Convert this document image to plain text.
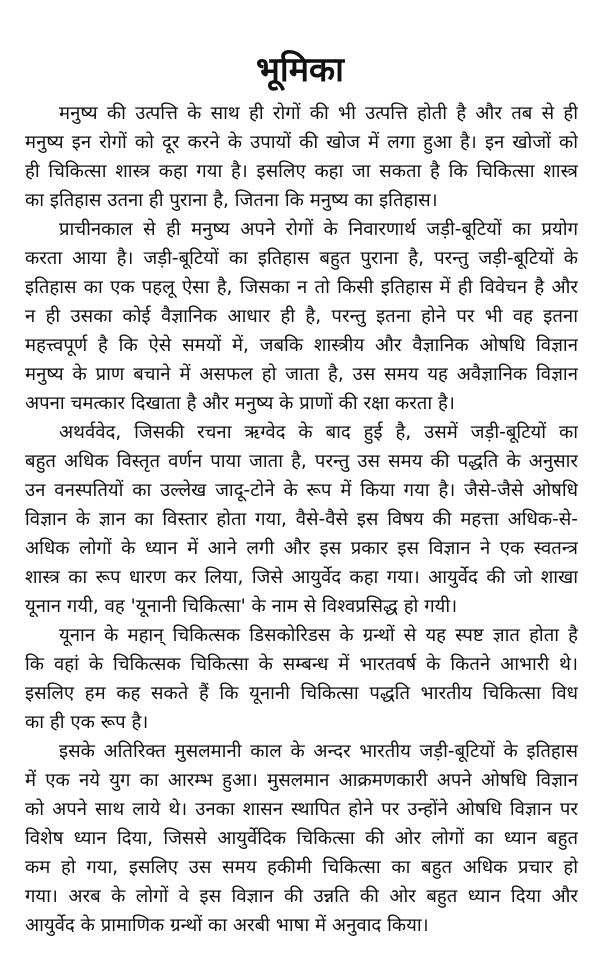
भूमिका
मनुष्य की उत्पत्ति के साथ ही रोगों की भी उत्पत्ति होती है और तब से ही
मनुष्य इन रोगों को दूर करने के उपायों की खोज में लगा हुआ है। इन खोजों को
ही चिकित्सा शास्त्र कहा गया है। इसलिए कहा जा सकता है कि चिकित्सा शास्त्र
का इतिहास उतना ही पुराना है, जितना कि मनुष्य का इतिहास।
प्राचीनकाल से ही मनुष्य अपने रोगों के निवारणार्थ जड़ी-बूटियों का प्रयोग
करता आया है। जड़ी-बूटियों का इतिहास बहुत पुराना है, परन्तु जड़ी-बूटियों के
इतिहास का एक पहलू ऐसा है, जिसका न तो किसी इतिहास में ही विवेचन है और
न ही उसका कोई वैज्ञानिक आधार ही है, परन्तु इतना होने पर भी वह इतना
महत्त्वपूर्ण है कि ऐसे समयों में, जबकि शास्त्रीय और वैज्ञानिक ओषधि विज्ञान
मनुष्य के प्राण बचाने में असफल हो जाता है, उस समय यह अवैज्ञानिक विज्ञान
अपना चमत्कार दिखाता है और मनुष्य के प्राणों की रक्षा करता है।
अथर्ववेद, जिसकी रचना ऋग्वेद के बाद हुई है, उसमें जड़ी-बूटियों का
बहुत अधिक विस्तृत वर्णन पाया जाता है, परन्तु उस समय की पद्धति के अनुसार
उन वनस्पतियों का उल्लेख जादू-टोने के रूप में किया गया है। जैसे-जैसे ओषधि
विज्ञान के ज्ञान का विस्तार होता गया, वैसे-वैसे इस विषय की महत्ता अधिक-से-
अधिक लोगों के ध्यान में आने लगी और इस प्रकार इस विज्ञान ने एक स्वतन्त्र
शास्त्र का रूप धारण कर लिया, जिसे आयुर्वेद कहा गया। आयुर्वेद की जो शाखा
यूनान गयी, वह 'यूनानी चिकित्सा' के नाम से विश्वप्रसिद्ध हो गयी।
यूनान के महान् चिकित्सक डिसकोरिडस के ग्रन्थों से यह स्पष्ट ज्ञात होता है
कि वहां के चिकित्सक चिकित्सा के सम्बन्ध में भारतवर्ष के कितने आभारी थे।
इसलिए हम कह सकते हैं कि यूनानी चिकित्सा पद्धति भारतीय चिकित्सा विध
का ही एक रूप है।
इसके अतिरिक्त मुसलमानी काल के अन्दर भारतीय जड़ी-बूटियों के इतिहास
में एक नये युग का आरम्भ हुआ। मुसलमान आक्रमणकारी अपने ओषधि विज्ञान
को अपने साथ लाये थे। उनका शासन स्थापित होने पर उन्होंने ओषधि विज्ञान पर
विशेष ध्यान दिया, जिससे आयुर्वेदिक चिकित्सा की ओर लोगों का ध्यान बहुत
कम हो गया, इसलिए उस समय हकीमी चिकित्सा का बहुत अधिक प्रचार हो
गया। अरब के लोगों वे इस विज्ञान की उन्नति की ओर बहुत ध्यान दिया और
आयुर्वेद के प्रामाणिक ग्रन्थों का अरबी भाषा में अनुवाद किया।
